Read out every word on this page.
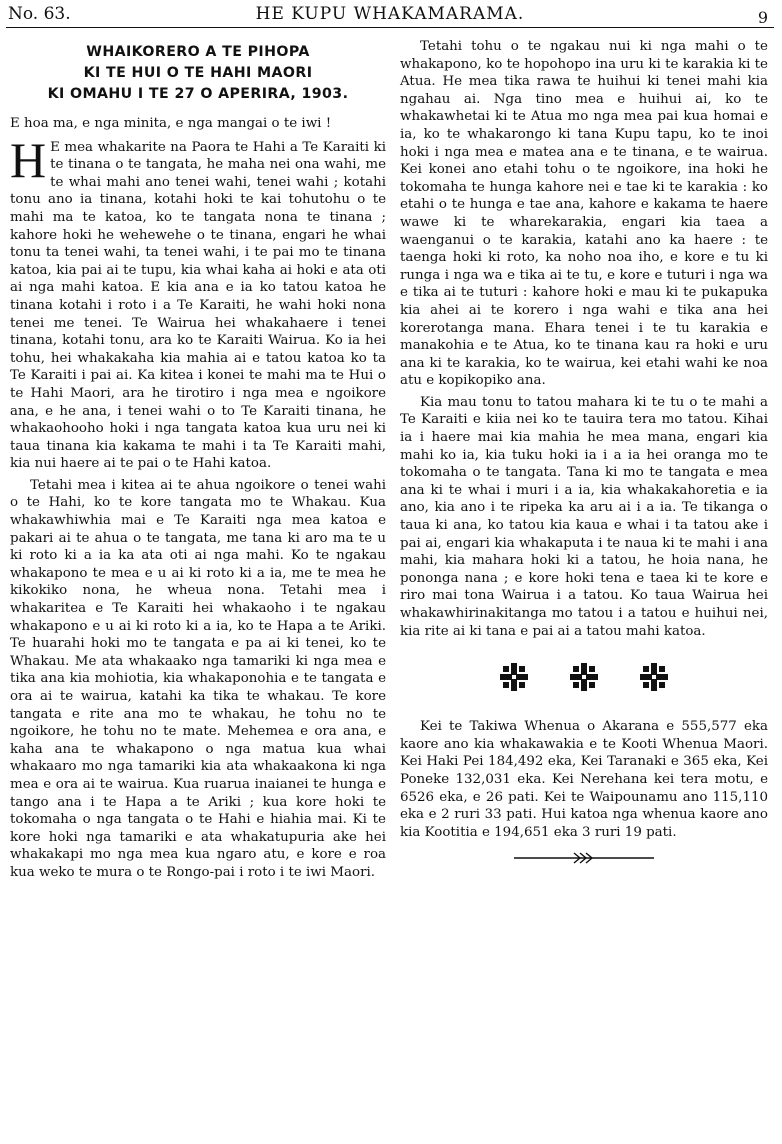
No. 63.	HE KUPU WHAKAMARAMA.	9
WHAIKORERO A TE PIHOPA
KI TE HUI O TE HAHI MAORI
KI OMAHU I TE 27 O APERIRA, 1903.
E hoa ma, e nga minita, e nga mangai o te iwi !

H E mea whakarite na Paora te Hahi a Te Karaiti ki te tinana o te tangata, he maha nei ona wahi, me te whai mahi ano tenei wahi, tenei wahi ; kotahi tonu ano ia tinana, kotahi hoki te kai tohutohu o te mahi ma te katoa, ko te tangata nona te tinana ; kahore hoki he wehewehe o te tinana, engari he whai tonu ta tenei wahi, ta tenei wahi, i te pai mo te tinana katoa, kia pai ai te tupu, kia whai kaha ai hoki e ata oti ai nga mahi katoa. E kia ana e ia ko tatou katoa he tinana kotahi i roto i a Te Karaiti, he wahi hoki nona tenei me tenei. Te Wairua hei whakahaere i tenei tinana, kotahi tonu, ara ko te Karaiti Wairua. Ko ia hei tohu, hei whakakaha kia mahia ai e tatou katoa ko ta Te Karaiti i pai ai. Ka kitea i konei te mahi ma te Hui o te Hahi Maori, ara he tirotiro i nga mea e ngoikore ana, e he ana, i tenei wahi o to Te Karaiti tinana, he whakaohooho hoki i nga tangata katoa kua uru nei ki taua tinana kia kakama te mahi i ta Te Karaiti mahi, kia nui haere ai te pai o te Hahi katoa.

Tetahi mea i kitea ai te ahua ngoikore o tenei wahi o te Hahi, ko te kore tangata mo te Whakau. Kua whakawhiwhia mai e Te Karaiti nga mea katoa e pakari ai te ahua o te tangata, me tana ki aro ma te u ki roto ki a ia ka ata oti ai nga mahi. Ko te ngakau whakapono te mea e u ai ki roto ki a ia, me te mea he kikokiko nona, he wheua nona. Tetahi mea i whakaritea e Te Karaiti hei whakaoho i te ngakau whakapono e u ai ki roto ki a ia, ko te Hapa a te Ariki. Te huarahi hoki mo te tangata e pa ai ki tenei, ko te Whakau. Me ata whakaako nga tamariki ki nga mea e tika ana kia mohiotia, kia whakaponohia e te tangata e ora ai te wairua, katahi ka tika te whakau. Te kore tangata e rite ana mo te whakau, he tohu no te ngoikore, he tohu no te mate. Mehemea e ora ana, e kaha ana te whakapono o nga matua kua whai whakaaro mo nga tamariki kia ata whakaakona ki nga mea e ora ai te wairua. Kua ruarua inaianei te hunga e tango ana i te Hapa a te Ariki ; kua kore hoki te tokomaha o nga tangata o te Hahi e hiahia mai. Ki te kore hoki nga tamariki e ata whakatupuria ake hei whakakapi mo nga mea kua ngaro atu, e kore e roa kua weko te mura o te Rongo-pai i roto i te iwi Maori.

Tetahi tohu o te ngakau nui ki nga mahi o te whakapono, ko te hopohopo ina uru ki te karakia ki te Atua. He mea tika rawa te huihui ki tenei mahi kia ngahau ai. Nga tino mea e huihui ai, ko te whakawhetai ki te Atua mo nga mea pai kua homai e ia, ko te whakarongo ki tana Kupu tapu, ko te inoi hoki i nga mea e matea ana e te tinana, e te wairua. Kei konei ano etahi tohu o te ngoikore, ina hoki he tokomaha te hunga kahore nei e tae ki te karakia : ko etahi o te hunga e tae ana, kahore e kakama te haere wawe ki te wharekarakia, engari kia taea a waenganui o te karakia, katahi ano ka haere : te taenga hoki ki roto, ka noho noa iho, e kore e tu ki runga i nga wa e tika ai te tu, e kore e tuturi i nga wa e tika ai te tuturi : kahore hoki e mau ki te pukapuka kia ahei ai te korero i nga wahi e tika ana hei korerotanga mana. Ehara tenei i te tu karakia e manakohia e te Atua, ko te tinana kau ra hoki e uru ana ki te karakia, ko te wairua, kei etahi wahi ke noa atu e kopikopiko ana.

Kia mau tonu to tatou mahara ki te tu o te mahi a Te Karaiti e kiia nei ko te tauira tera mo tatou. Kihai ia i haere mai kia mahia he mea mana, engari kia mahi ko ia, kia tuku hoki ia i a ia hei oranga mo te tokomaha o te tangata. Tana ki mo te tangata e mea ana ki te whai i muri i a ia, kia whakakahoretia e ia ano, kia ano i te ripeka ka aru ai i a ia. Te tikanga o taua ki ana, ko tatou kia kaua e whai i ta tatou ake i pai ai, engari kia whakaputa i te naua ki te mahi i ana mahi, kia mahara hoki ki a tatou, he hoia nana, he pononga nana ; e kore hoki tena e taea ki te kore e riro mai tona Wairua i a tatou. Ko taua Wairua hei whakawhirinakitanga mo tatou i a tatou e huihui nei, kia rite ai ki tana e pai ai a tatou mahi katoa.

Kei te Takiwa Whenua o Akarana e 555,577 eka kaore ano kia whakawakia e te Kooti Whenua Maori. Kei Haki Pei 184,492 eka, Kei Taranaki e 365 eka, Kei Poneke 132,031 eka. Kei Nerehana kei tera motu, e 6526 eka, e 26 pati. Kei te Waipounamu ano 115,110 eka e 2 ruri 33 pati. Hui katoa nga whenua kaore ano kia Kootitia e 194,651 eka 3 ruri 19 pati.
